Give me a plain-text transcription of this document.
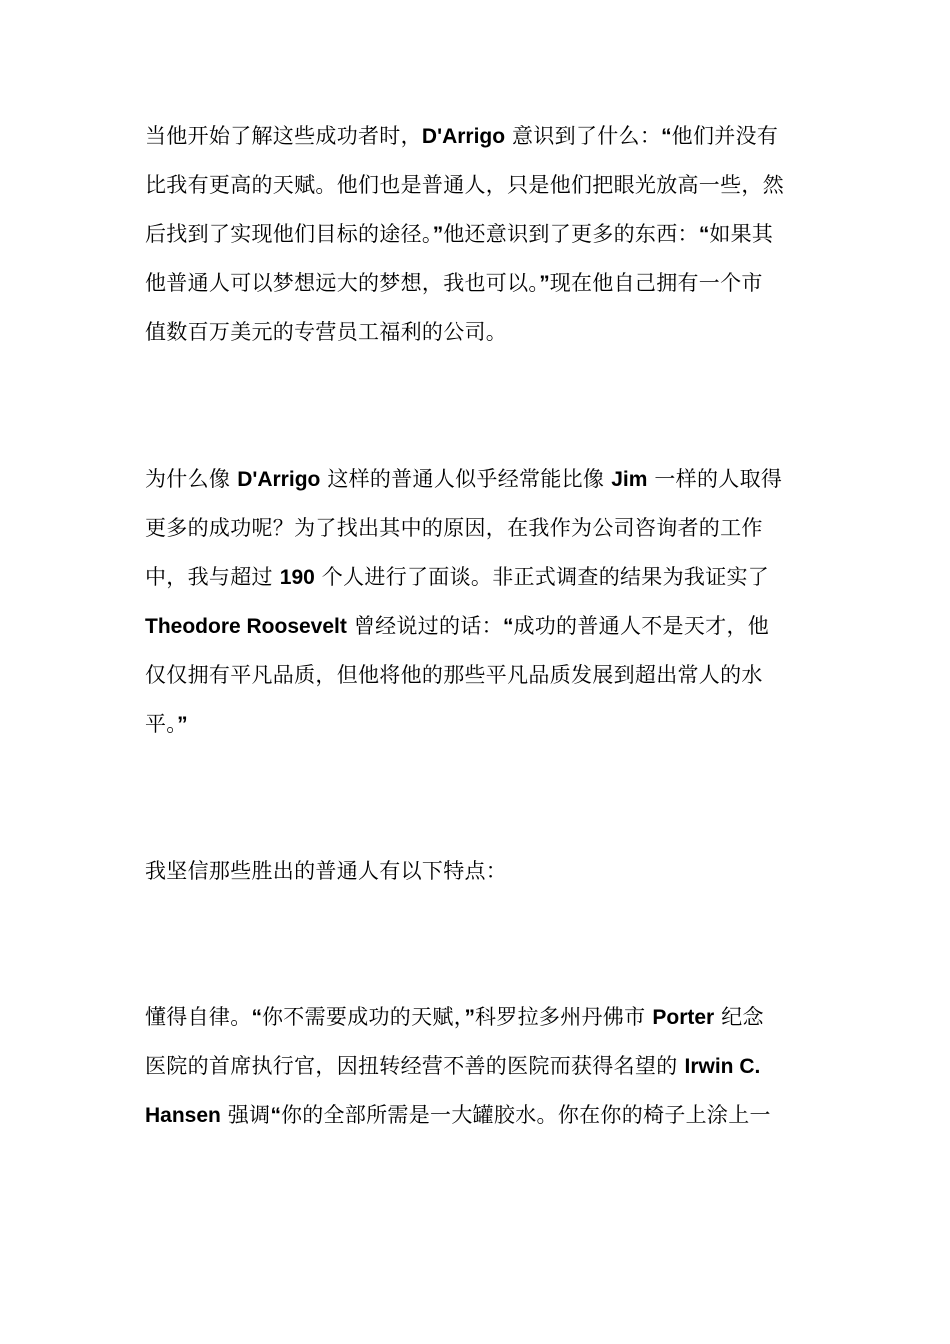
当他开始了解这些成功者时，D'Arrigo 意识到了什么：“他们并没有
比我有更高的天赋。他们也是普通人，只是他们把眼光放高一些，然
后找到了实现他们目标的途径。”他还意识到了更多的东西：“如果其
他普通人可以梦想远大的梦想，我也可以。”现在他自己拥有一个市
值数百万美元的专营员工福利的公司。

为什么像 D'Arrigo 这样的普通人似乎经常能比像 Jim 一样的人取得
更多的成功呢？为了找出其中的原因，在我作为公司咨询者的工作
中，我与超过 190 个人进行了面谈。非正式调查的结果为我证实了
Theodore Roosevelt 曾经说过的话：“成功的普通人不是天才，他
仅仅拥有平凡品质，但他将他的那些平凡品质发展到超出常人的水
平。”

我坚信那些胜出的普通人有以下特点：

懂得自律。“你不需要成功的天赋，”科罗拉多州丹佛市 Porter 纪念
医院的首席执行官，因扭转经营不善的医院而获得名望的 Irwin C.
Hansen 强调“你的全部所需是一大罐胶水。你在你的椅子上涂上一
